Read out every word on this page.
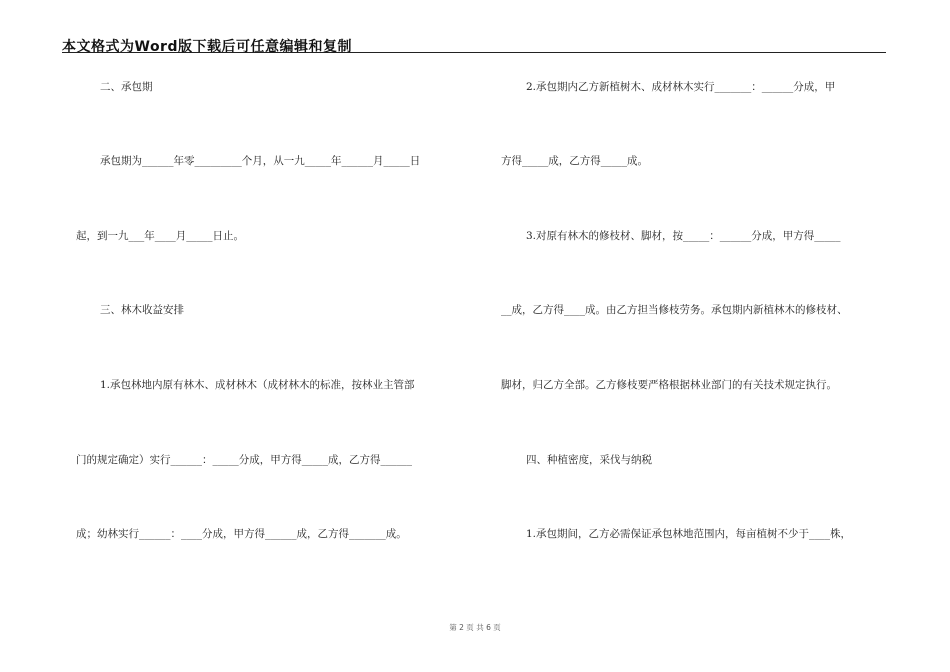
本文格式为Word版下载后可任意编辑和复制
二、承包期
承包期为______年零_________个月，从一九_____年______月_____日
起，到一九___年____月_____日止。
三、林木收益安排
1.承包林地内原有林木、成材林木（成材林木的标准，按林业主管部
门的规定确定）实行______：_____分成，甲方得_____成，乙方得______
成；幼林实行______：____分成，甲方得______成，乙方得_______成。
2.承包期内乙方新植树木、成材林木实行_______：______分成，甲
方得_____成，乙方得_____成。
3.对原有林木的修枝材、脚材，按_____：______分成，甲方得_____
__成，乙方得____成。由乙方担当修枝劳务。承包期内新植林木的修枝材、
脚材，归乙方全部。乙方修枝要严格根据林业部门的有关技术规定执行。
四、种植密度，采伐与纳税
1.承包期间，乙方必需保证承包林地范围内，每亩植树不少于____株，
第 2 页 共 6 页
